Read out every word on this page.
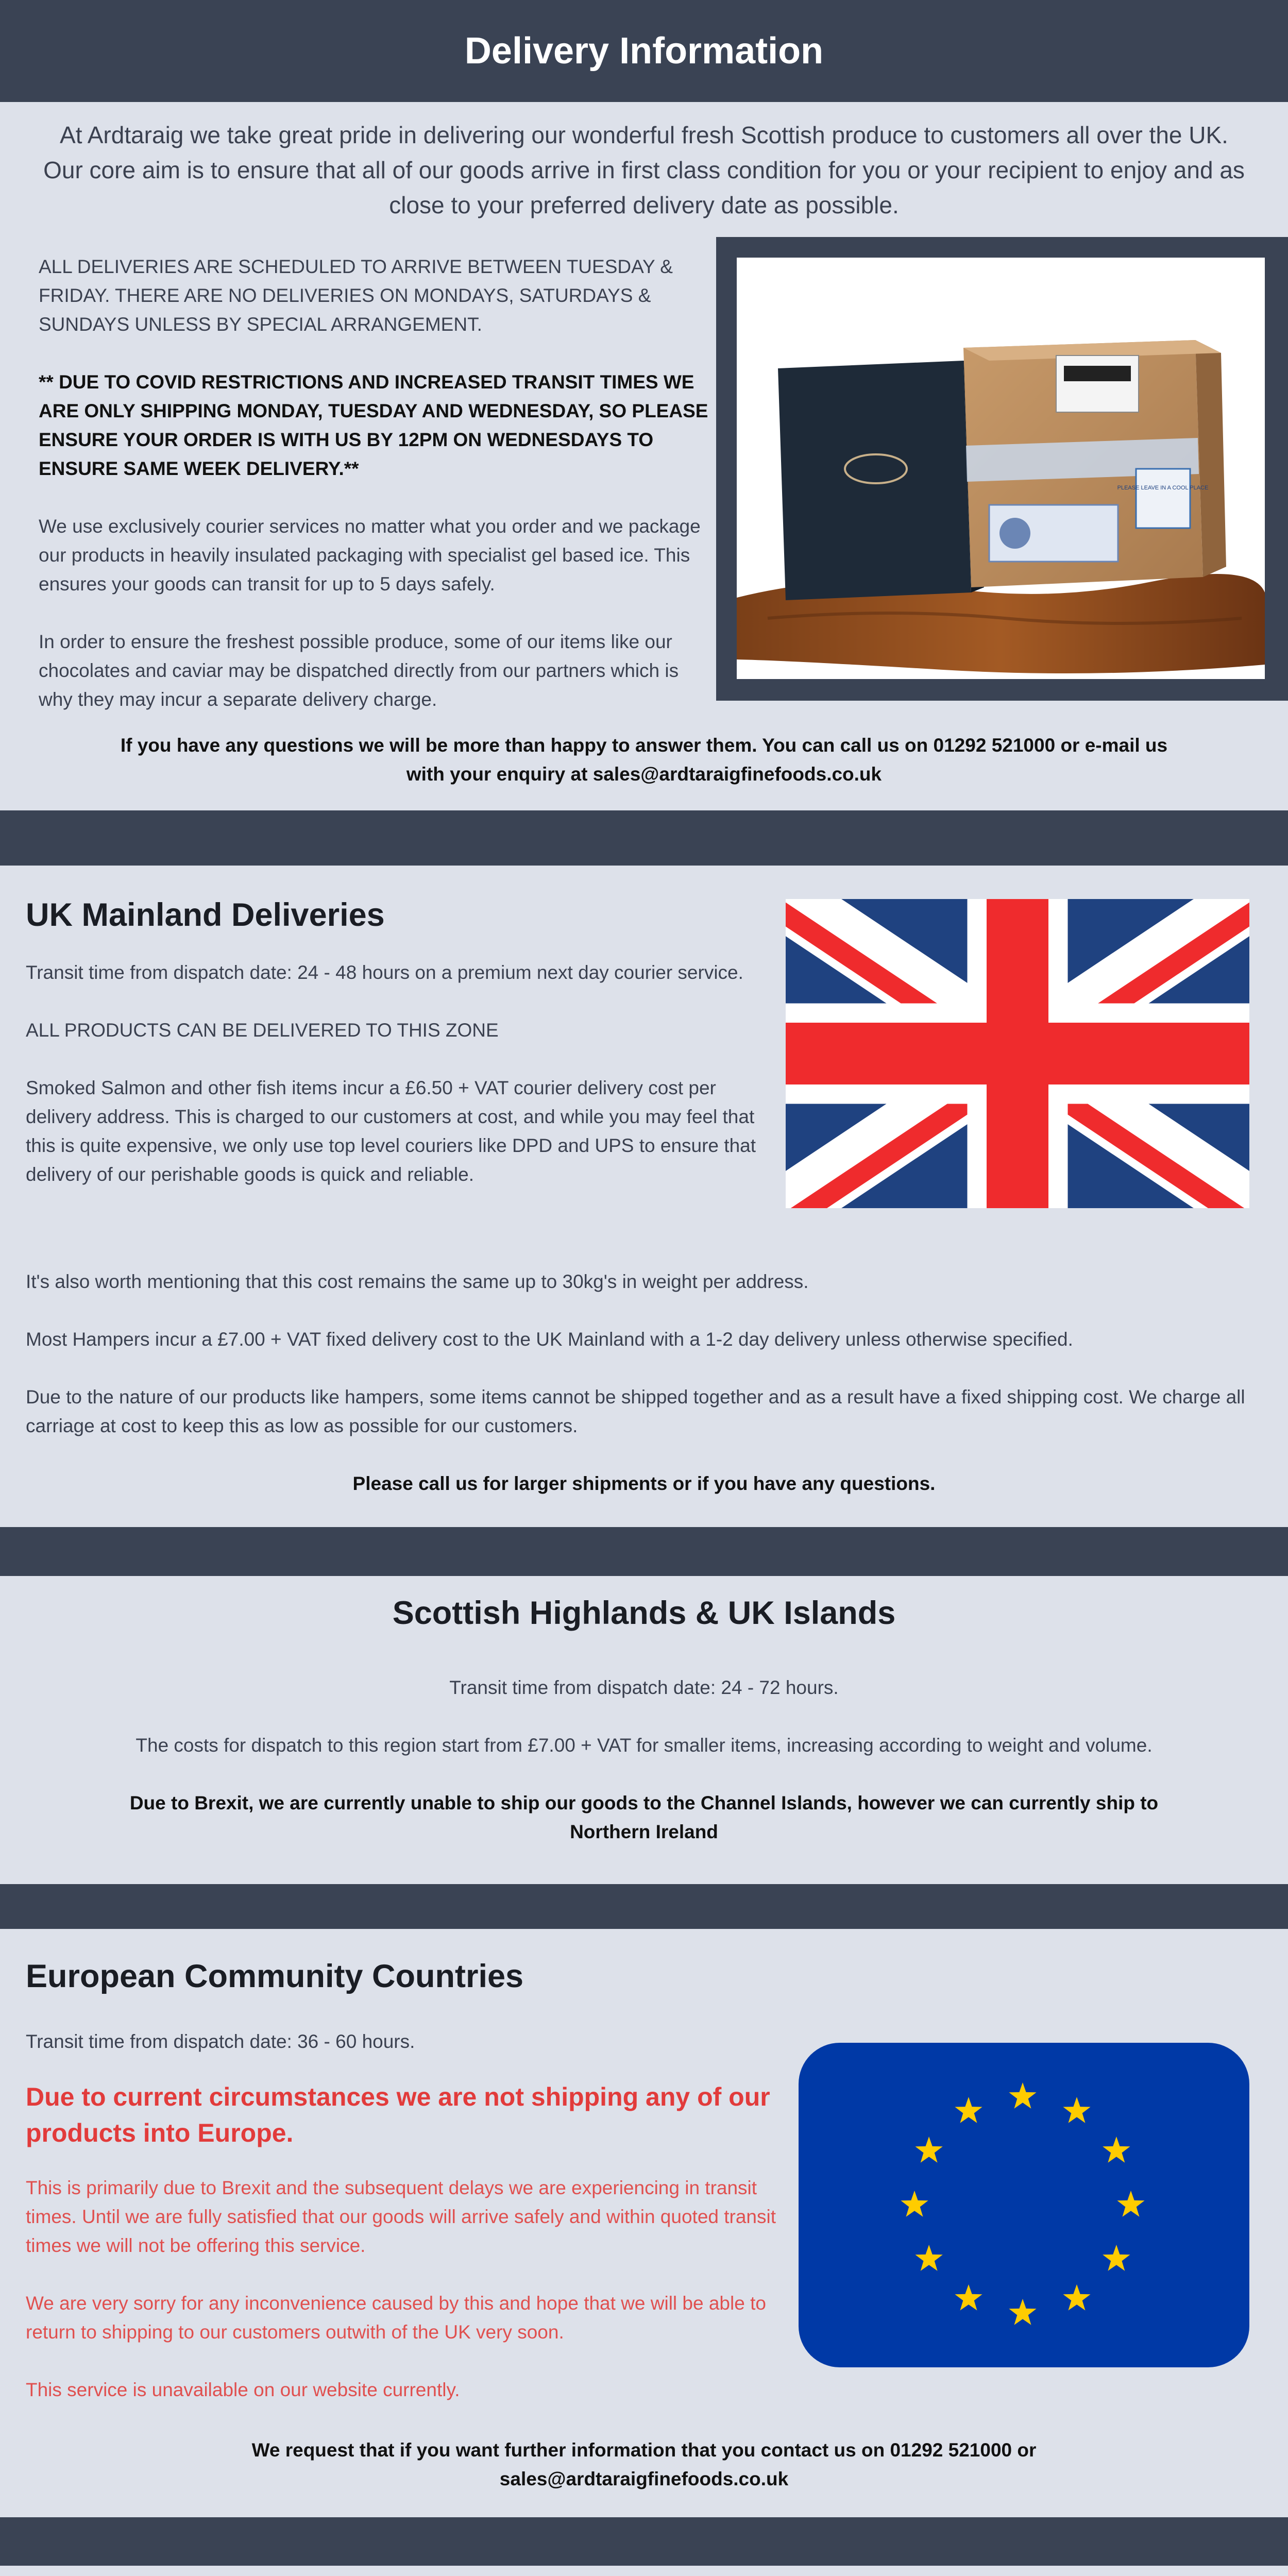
Delivery Information

At Ardtaraig we take great pride in delivering our wonderful fresh Scottish produce to customers all over the UK. Our core aim is to ensure that all of our goods arrive in first class condition for you or your recipient to enjoy and as close to your preferred delivery date as possible.

ALL DELIVERIES ARE SCHEDULED TO ARRIVE BETWEEN TUESDAY & FRIDAY. THERE ARE NO DELIVERIES ON MONDAYS, SATURDAYS & SUNDAYS UNLESS BY SPECIAL ARRANGEMENT.

** DUE TO COVID RESTRICTIONS AND INCREASED TRANSIT TIMES WE ARE ONLY SHIPPING MONDAY, TUESDAY AND WEDNESDAY, SO PLEASE ENSURE YOUR ORDER IS WITH US BY 12PM ON WEDNESDAYS TO ENSURE SAME WEEK DELIVERY.**

We use exclusively courier services no matter what you order and we package our products in heavily insulated packaging with specialist gel based ice. This ensures your goods can transit for up to 5 days safely.

In order to ensure the freshest possible produce, some of our items like our chocolates and caviar may be dispatched directly from our partners which is why they may incur a separate delivery charge.

PLEASE LEAVE IN A COOL PLACE

If you have any questions we will be more than happy to answer them. You can call us on 01292 521000 or e-mail us with your enquiry at sales@ardtaraigfinefoods.co.uk

UK Mainland Deliveries

Transit time from dispatch date: 24 - 48 hours on a premium next day courier service.

ALL PRODUCTS CAN BE DELIVERED TO THIS ZONE

Smoked Salmon and other fish items incur a £6.50 + VAT courier delivery cost per delivery address. This is charged to our customers at cost, and while you may feel that this is quite expensive, we only use top level couriers like DPD and UPS to ensure that delivery of our perishable goods is quick and reliable.

It's also worth mentioning that this cost remains the same up to 30kg's in weight per address.

Most Hampers incur a £7.00 + VAT fixed delivery cost to the UK Mainland with a 1-2 day delivery unless otherwise specified.

Due to the nature of our products like hampers, some items cannot be shipped together and as a result have a fixed shipping cost. We charge all carriage at cost to keep this as low as possible for our customers.

Please call us for larger shipments or if you have any questions.

Scottish Highlands & UK Islands

Transit time from dispatch date: 24 - 72 hours.

The costs for dispatch to this region start from £7.00 + VAT for smaller items, increasing according to weight and volume.

Due to Brexit, we are currently unable to ship our goods to the Channel Islands, however we can currently ship to Northern Ireland

European Community Countries

Transit time from dispatch date: 36 - 60 hours.

Due to current circumstances we are not shipping any of our products into Europe.

This is primarily due to Brexit and the subsequent delays we are experiencing in transit times. Until we are fully satisfied that our goods will arrive safely and within quoted transit times we will not be offering this service.

We are very sorry for any inconvenience caused by this and hope that we will be able to return to shipping to our customers outwith of the UK very soon.

This service is unavailable on our website currently.

We request that if you want further information that you contact us on 01292 521000 or sales@ardtaraigfinefoods.co.uk
